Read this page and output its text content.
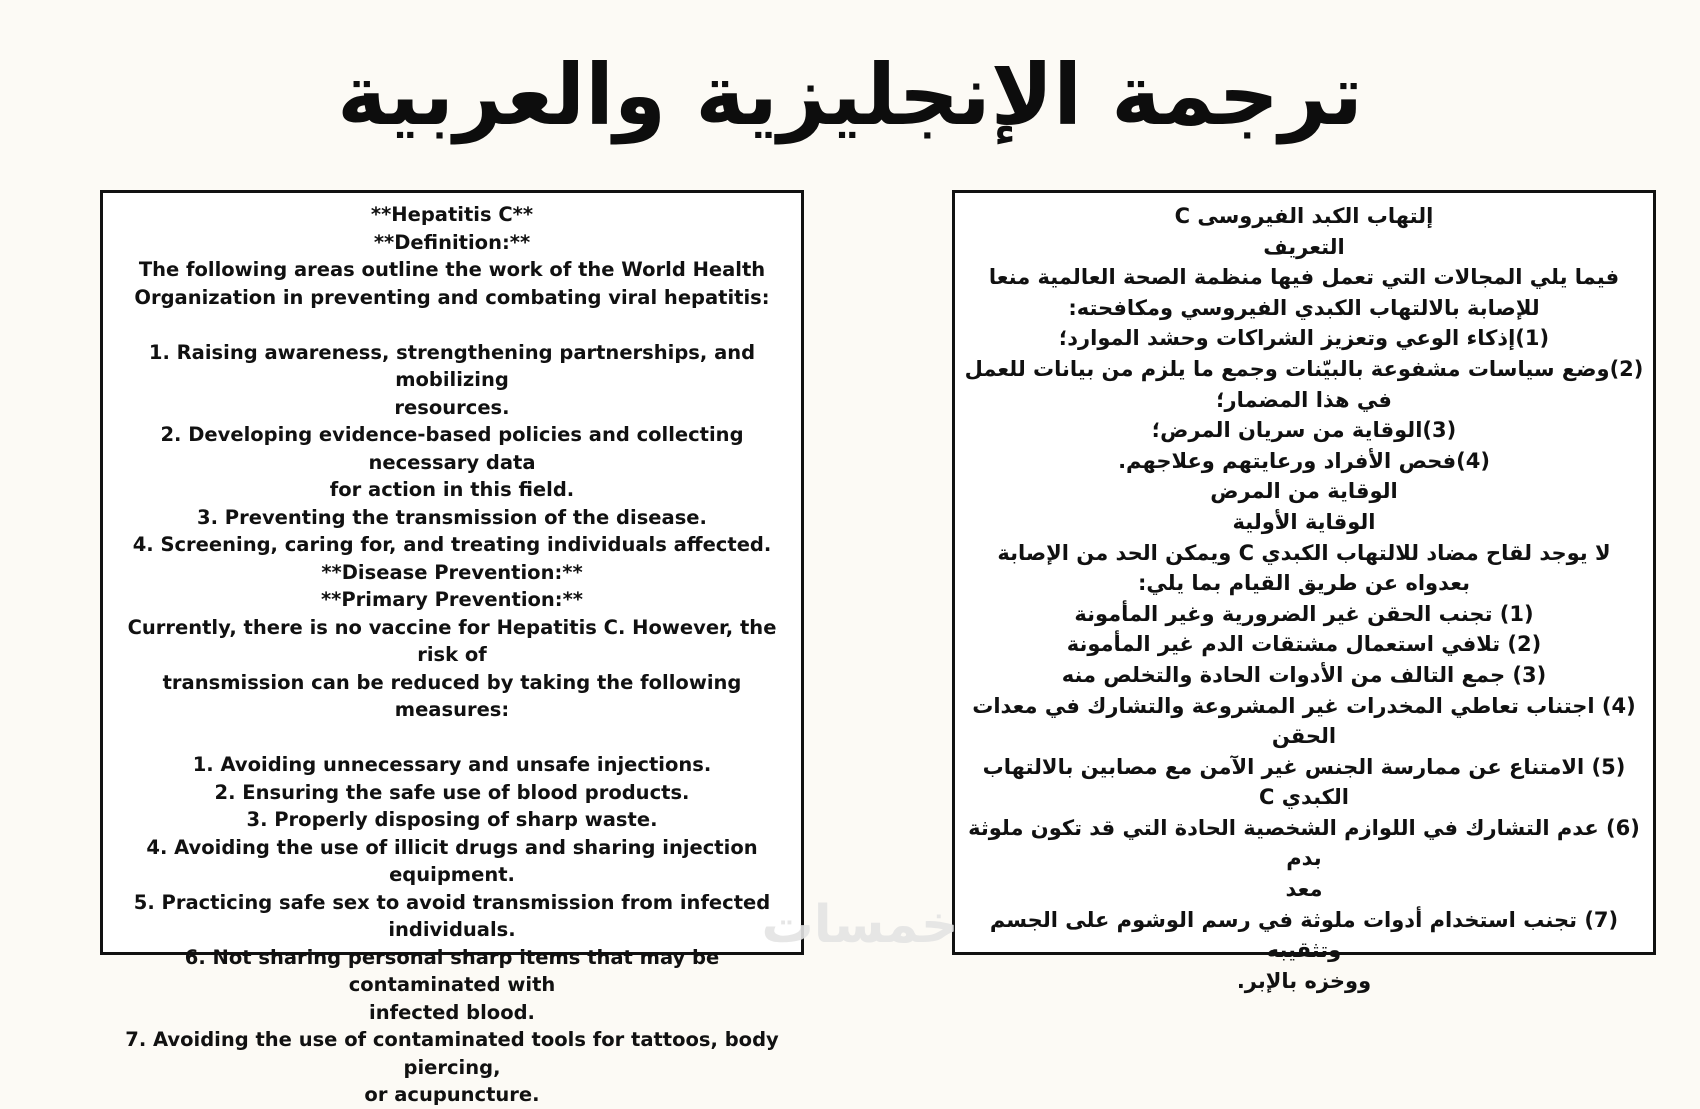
ترجمة الإنجليزية والعربية
**Hepatitis C**
**Definition:**
The following areas outline the work of the World Health
Organization in preventing and combating viral hepatitis:
1. Raising awareness, strengthening partnerships, and mobilizing
resources.
2. Developing evidence-based policies and collecting necessary data
for action in this field.
3. Preventing the transmission of the disease.
4. Screening, caring for, and treating individuals affected.
**Disease Prevention:**
**Primary Prevention:**
Currently, there is no vaccine for Hepatitis C. However, the risk of
transmission can be reduced by taking the following measures:
1. Avoiding unnecessary and unsafe injections.
2. Ensuring the safe use of blood products.
3. Properly disposing of sharp waste.
4. Avoiding the use of illicit drugs and sharing injection equipment.
5. Practicing safe sex to avoid transmission from infected
individuals.
6. Not sharing personal sharp items that may be contaminated with
infected blood.
7. Avoiding the use of contaminated tools for tattoos, body piercing,
or acupuncture.
إلتهاب الكبد الفيروسى C
التعريف
فيما يلي المجالات التي تعمل فيها منظمة الصحة العالمية منعا
للإصابة بالالتهاب الكبدي الفيروسي ومكافحته:
(1)إذكاء الوعي وتعزيز الشراكات وحشد الموارد؛
(2)وضع سياسات مشفوعة بالبيّنات وجمع ما يلزم من بيانات للعمل
في هذا المضمار؛
(3)الوقاية من سريان المرض؛
(4)فحص الأفراد ورعايتهم وعلاجهم.
الوقاية من المرض
الوقاية الأولية
لا يوجد لقاح مضاد للالتهاب الكبدي C ويمكن الحد من الإصابة
بعدواه عن طريق القيام بما يلي:
(1) تجنب الحقن غير الضرورية وغير المأمونة
(2) تلافي استعمال مشتقات الدم غير المأمونة
(3) جمع التالف من الأدوات الحادة والتخلص منه
(4) اجتناب تعاطي المخدرات غير المشروعة والتشارك في معدات
الحقن
(5) الامتناع عن ممارسة الجنس غير الآمن مع مصابين بالالتهاب
الكبدي C
(6) عدم التشارك في اللوازم الشخصية الحادة التي قد تكون ملوثة بدم
معد
(7) تجنب استخدام أدوات ملوثة في رسم الوشوم على الجسم وتثقيبه
ووخزه بالإبر.
خمسات
